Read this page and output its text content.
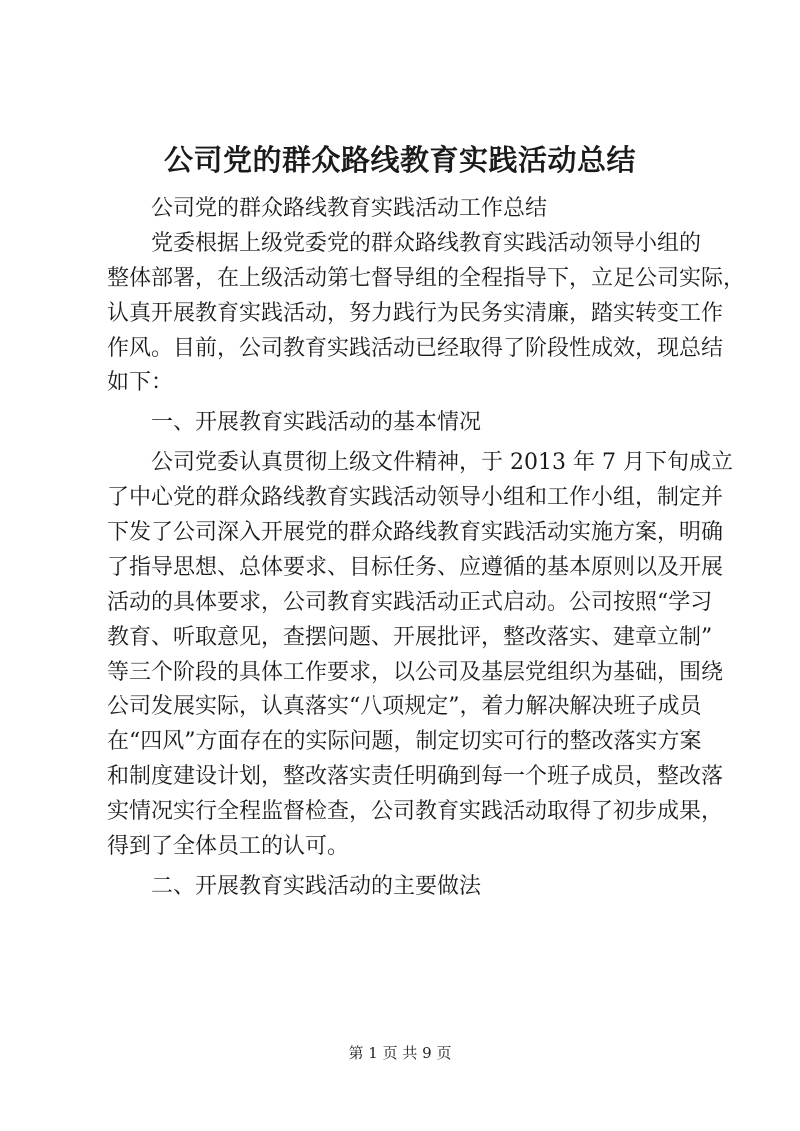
公司党的群众路线教育实践活动总结
公司党的群众路线教育实践活动工作总结
党委根据上级党委党的群众路线教育实践活动领导小组的
整体部署，在上级活动第七督导组的全程指导下，立足公司实际，
认真开展教育实践活动，努力践行为民务实清廉，踏实转变工作
作风。目前，公司教育实践活动已经取得了阶段性成效，现总结
如下：
一、开展教育实践活动的基本情况
公司党委认真贯彻上级文件精神，于 2013 年 7 月下旬成立
了中心党的群众路线教育实践活动领导小组和工作小组，制定并
下发了公司深入开展党的群众路线教育实践活动实施方案，明确
了指导思想、总体要求、目标任务、应遵循的基本原则以及开展
活动的具体要求，公司教育实践活动正式启动。公司按照“学习
教育、听取意见，查摆问题、开展批评，整改落实、建章立制”
等三个阶段的具体工作要求，以公司及基层党组织为基础，围绕
公司发展实际，认真落实“八项规定”，着力解决解决班子成员
在“四风”方面存在的实际问题，制定切实可行的整改落实方案
和制度建设计划，整改落实责任明确到每一个班子成员，整改落
实情况实行全程监督检查，公司教育实践活动取得了初步成果，
得到了全体员工的认可。
二、开展教育实践活动的主要做法
第 1 页 共 9 页
